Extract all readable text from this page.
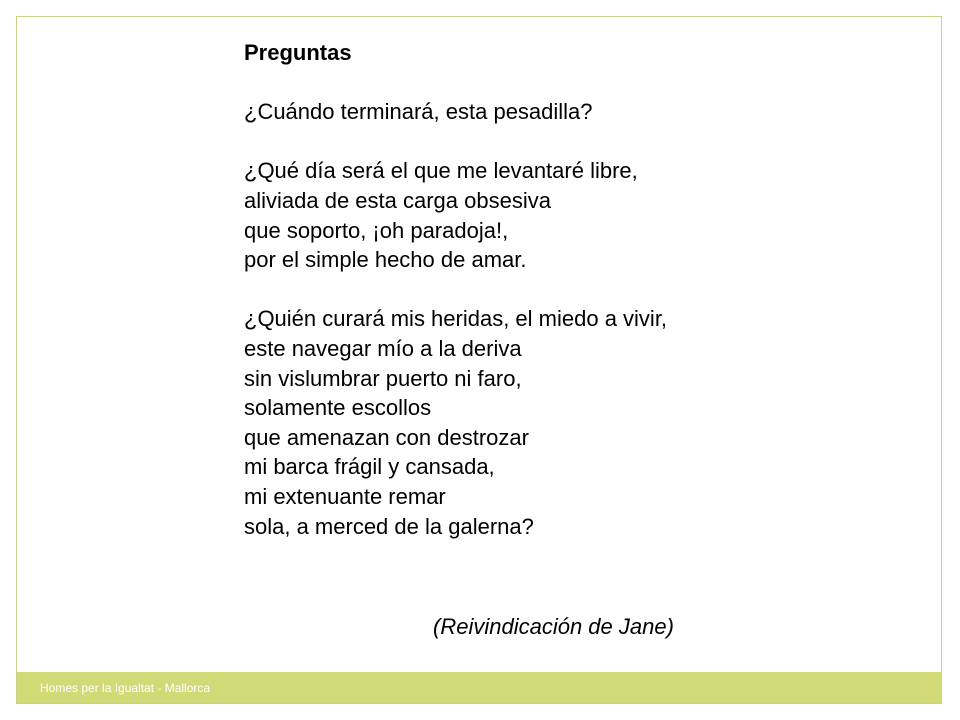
Preguntas
¿Cuándo terminará, esta pesadilla?
¿Qué día será el que me levantaré libre,
aliviada de esta carga obsesiva
que soporto, ¡oh paradoja!,
por el simple hecho de amar.
¿Quién curará mis heridas, el miedo a vivir,
este navegar mío a la deriva
sin vislumbrar puerto ni faro,
solamente escollos
que amenazan con destrozar
mi barca frágil y cansada,
mi extenuante remar
sola, a merced de la galerna?
(Reivindicación de Jane)
Homes per la Igualtat - Mallorca
